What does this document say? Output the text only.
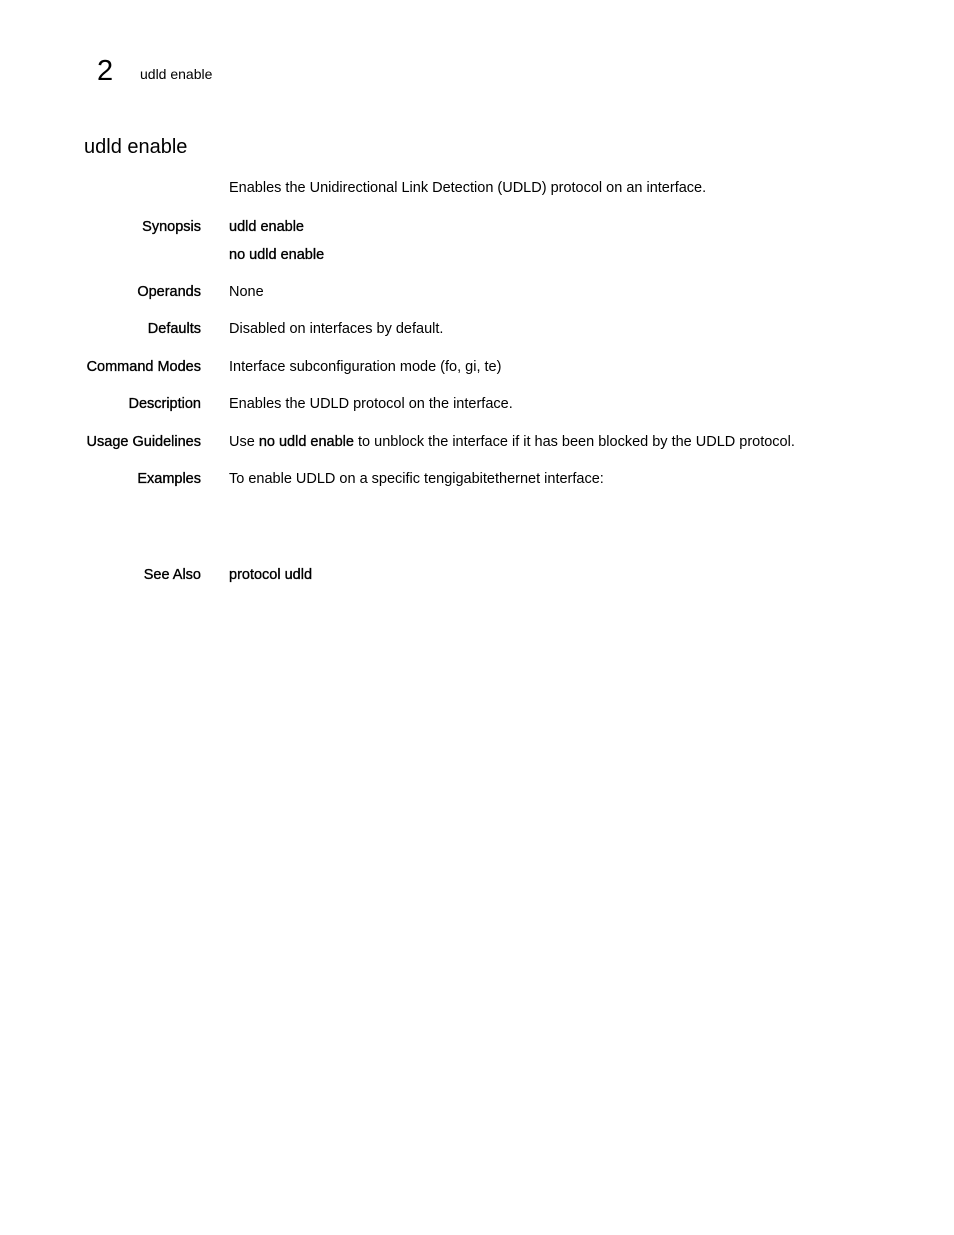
2 udld enable
udld enable
Enables the Unidirectional Link Detection (UDLD) protocol on an interface.
Synopsis udld enable
no udld enable
Operands None
Defaults Disabled on interfaces by default.
Command Modes Interface subconfiguration mode (fo, gi, te)
Description Enables the UDLD protocol on the interface.
Usage Guidelines Use no udld enable to unblock the interface if it has been blocked by the UDLD protocol.
Examples To enable UDLD on a specific tengigabitethernet interface:
See Also protocol udld
